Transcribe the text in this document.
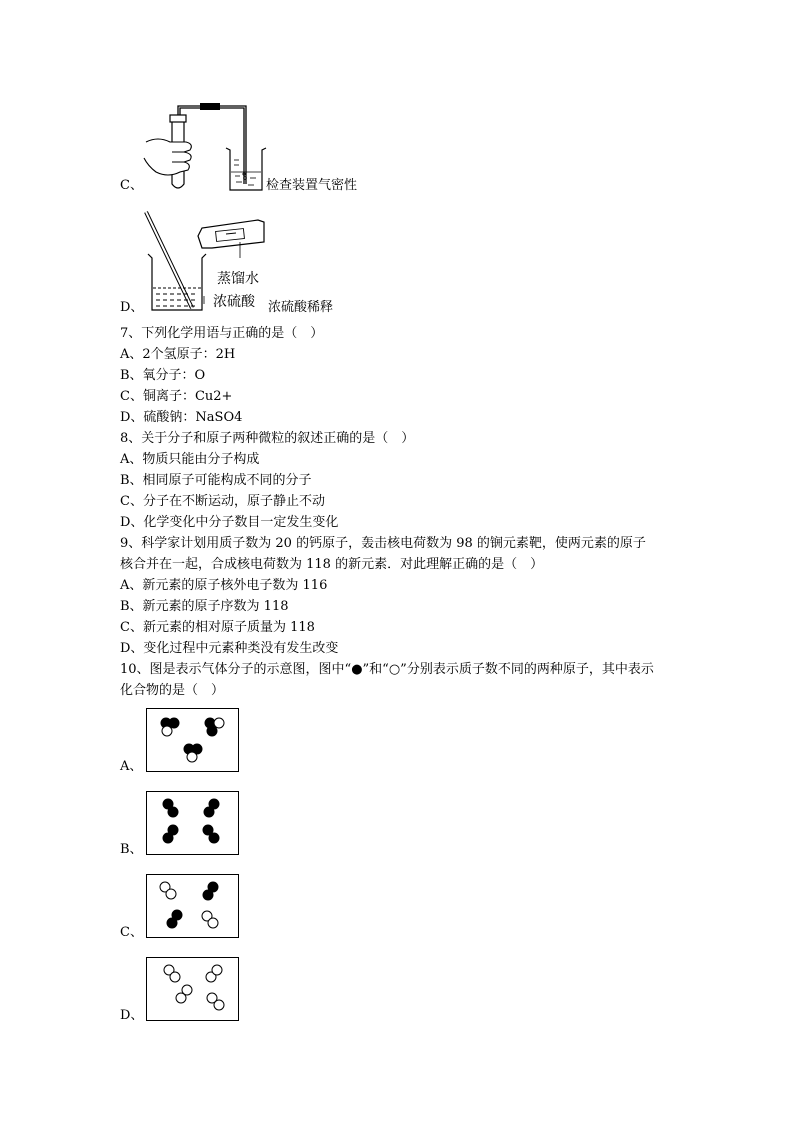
C、	检查装置气密性
D、
蒸馏水
浓硫酸 浓硫酸稀释
7、下列化学用语与正确的是（　）
A、2个氢原子：2H
B、氧分子：O
C、铜离子：Cu2+
D、硫酸钠：NaSO4
8、关于分子和原子两种微粒的叙述正确的是（　）
A、物质只能由分子构成
B、相同原子可能构成不同的分子
C、分子在不断运动，原子静止不动
D、化学变化中分子数目一定发生变化
9、科学家计划用质子数为 20 的钙原子，轰击核电荷数为 98 的锎元素靶，使两元素的原子
核合并在一起，合成核电荷数为 118 的新元素．对此理解正确的是（　）
A、新元素的原子核外电子数为 116
B、新元素的原子序数为 118
C、新元素的相对原子质量为 118
D、变化过程中元素种类没有发生改变
10、图是表示气体分子的示意图，图中“●”和“○”分别表示质子数不同的两种原子，其中表示
化合物的是（　）
A、
B、
C、
D、
